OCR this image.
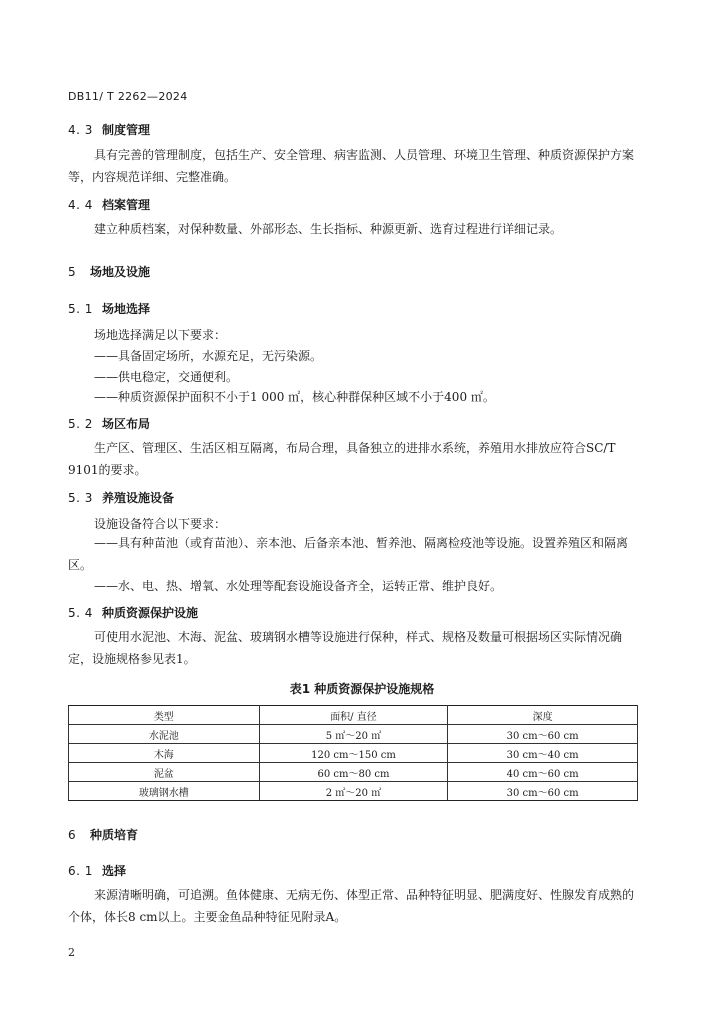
DB11/ T 2262—2024
4. 3 制度管理
具有完善的管理制度，包括生产、安全管理、病害监测、人员管理、环境卫生管理、种质资源保护方案等，内容规范详细、完整准确。
4. 4 档案管理
建立种质档案，对保种数量、外部形态、生长指标、种源更新、选育过程进行详细记录。
5 场地及设施
5. 1 场地选择
场地选择满足以下要求：
——具备固定场所，水源充足，无污染源。
——供电稳定，交通便利。
——种质资源保护面积不小于1 000 ㎡，核心种群保种区域不小于400 ㎡。
5. 2 场区布局
生产区、管理区、生活区相互隔离，布局合理，具备独立的进排水系统，养殖用水排放应符合SC/T 9101的要求。
5. 3 养殖设施设备
设施设备符合以下要求：
——具有种苗池（或育苗池）、亲本池、后备亲本池、暂养池、隔离检疫池等设施。设置养殖区和隔离区。
——水、电、热、增氧、水处理等配套设施设备齐全，运转正常、维护良好。
5. 4 种质资源保护设施
可使用水泥池、木海、泥盆、玻璃钢水槽等设施进行保种，样式、规格及数量可根据场区实际情况确定，设施规格参见表1。
表1 种质资源保护设施规格
类型	面积/ 直径	深度
水泥池	5 ㎡～20 ㎡	30 cm～60 cm
木海	120 cm～150 cm	30 cm～40 cm
泥盆	60 cm～80 cm	40 cm～60 cm
玻璃钢水槽	2 ㎡～20 ㎡	30 cm～60 cm
6 种质培育
6. 1 选择
来源清晰明确，可追溯。鱼体健康、无病无伤、体型正常、品种特征明显、肥满度好、性腺发育成熟的个体，体长8 cm以上。主要金鱼品种特征见附录A。
2
